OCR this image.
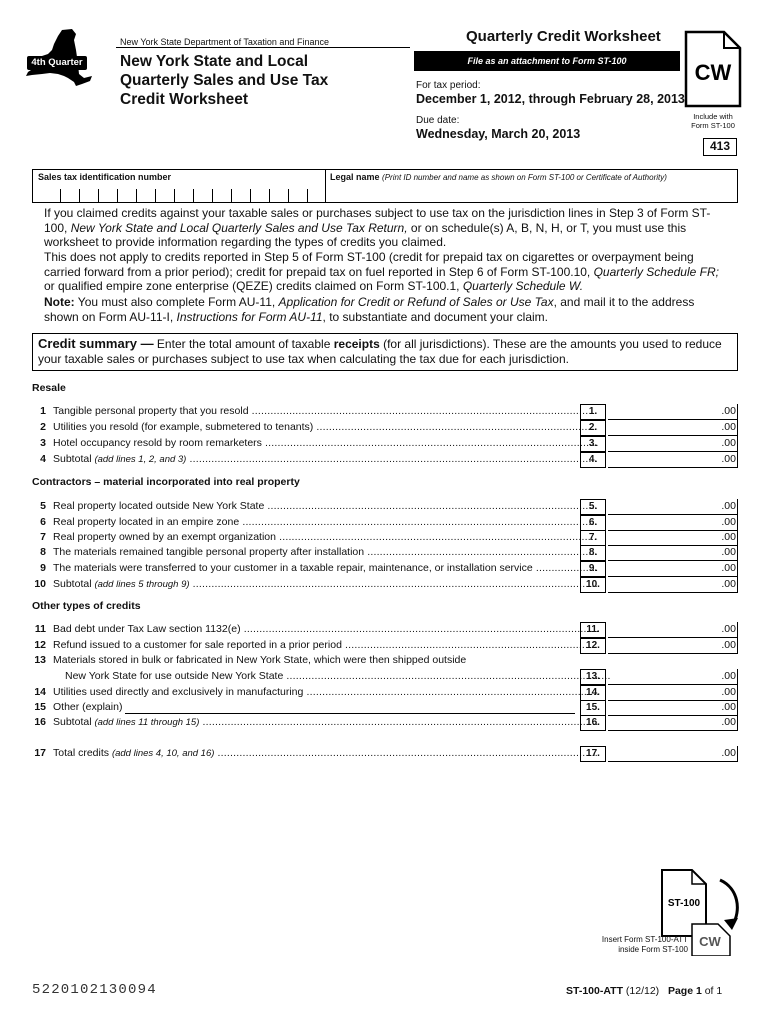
4th Quarter
New York State Department of Taxation and Finance
New York State and Local
Quarterly Sales and Use Tax
Credit Worksheet
Quarterly Credit Worksheet
File as an attachment to Form ST-100	CW
For tax period:
December 1, 2012, through February 28, 2013
Include with
Form ST-100
Due date:
Wednesday, March 20, 2013
413
Sales tax identification number	Legal name (Print ID number and name as shown on Form ST-100 or Certificate of Authority)
If you claimed credits against your taxable sales or purchases subject to use tax on the jurisdiction lines in Step 3 of Form ST-100, New York State and Local Quarterly Sales and Use Tax Return, or on schedule(s) A, B, N, H, or T, you must use this worksheet to provide information regarding the types of credits you claimed.
This does not apply to credits reported in Step 5 of Form ST-100 (credit for prepaid tax on cigarettes or overpayment being carried forward from a prior period); credit for prepaid tax on fuel reported in Step 6 of Form ST-100.10, Quarterly Schedule FR; or qualified empire zone enterprise (QEZE) credits claimed on Form ST-100.1, Quarterly Schedule W.
Note: You must also complete Form AU-11, Application for Credit or Refund of Sales or Use Tax, and mail it to the address shown on Form AU-11-I, Instructions for Form AU-11, to substantiate and document your claim.
Credit summary — Enter the total amount of taxable receipts (for all jurisdictions). These are the amounts you used to reduce your taxable sales or purchases subject to use tax when calculating the tax due for each jurisdiction.
Resale
Contractors – material incorporated into real property
Other types of credits
1 Tangible personal property that you resold .....	1.	.00
2 Utilities you resold (for example, submetered to tenants) .....	2.	.00
3 Hotel occupancy resold by room remarketers .....	3.	.00
4 Subtotal (add lines 1, 2, and 3) .....	4.	.00
5 Real property located outside New York State .....	5.	.00
6 Real property located in an empire zone .....	6.	.00
7 Real property owned by an exempt organization .....	7.	.00
8 The materials remained tangible personal property after installation .....	8.	.00
9 The materials were transferred to your customer in a taxable repair, maintenance, or installation service .....	9.	.00
10 Subtotal (add lines 5 through 9) .....	10.	.00
11 Bad debt under Tax Law section 1132(e) .....	11.	.00
12 Refund issued to a customer for sale reported in a prior period .....	12.	.00
13 Materials stored in bulk or fabricated in New York State, which were then shipped outside
New York State for use outside New York State .....	13.	.00
14 Utilities used directly and exclusively in manufacturing .....	14.	.00
15 Other (explain)	15.	.00
16 Subtotal (add lines 11 through 15) .....	16.	.00
17 Total credits (add lines 4, 10, and 16) .....	17.	.00
ST-100
CW
Insert Form ST-100-ATT
inside Form ST-100
5220102130094	ST-100-ATT (12/12) Page 1 of 1
